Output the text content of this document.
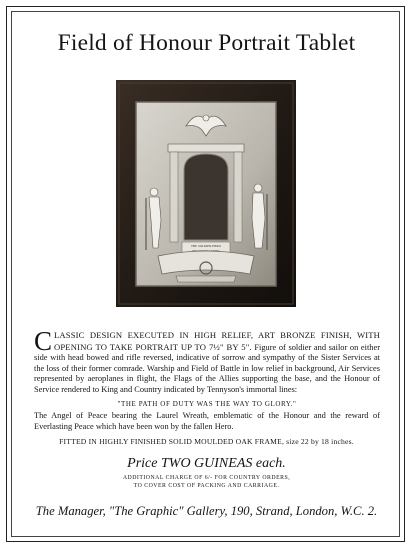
Field of Honour Portrait Tablet
THE SOLDIER HERO
CLASSIC DESIGN EXECUTED IN HIGH RELIEF, ART BRONZE FINISH, WITH OPENING TO TAKE PORTRAIT UP TO 7½" BY 5". Figure of soldier and sailor on either side with head bowed and rifle reversed, indicative of sorrow and sympathy of the Sister Services at the loss of their former comrade. Warship and Field of Battle in low relief in background, Air Services represented by aeroplanes in flight, the Flags of the Allies supporting the base, and the Honour of Service rendered to King and Country indicated by Tennyson's immortal lines:
"THE PATH OF DUTY WAS THE WAY TO GLORY."
The Angel of Peace bearing the Laurel Wreath, emblematic of the Honour and the reward of Everlasting Peace which have been won by the fallen Hero.
FITTED IN HIGHLY FINISHED SOLID MOULDED OAK FRAME, size 22 by 18 inches.
Price TWO GUINEAS each.
ADDITIONAL CHARGE OF 6/- FOR COUNTRY ORDERS,
TO COVER COST OF PACKING AND CARRIAGE.
The Manager, "The Graphic" Gallery, 190, Strand, London, W.C. 2.
